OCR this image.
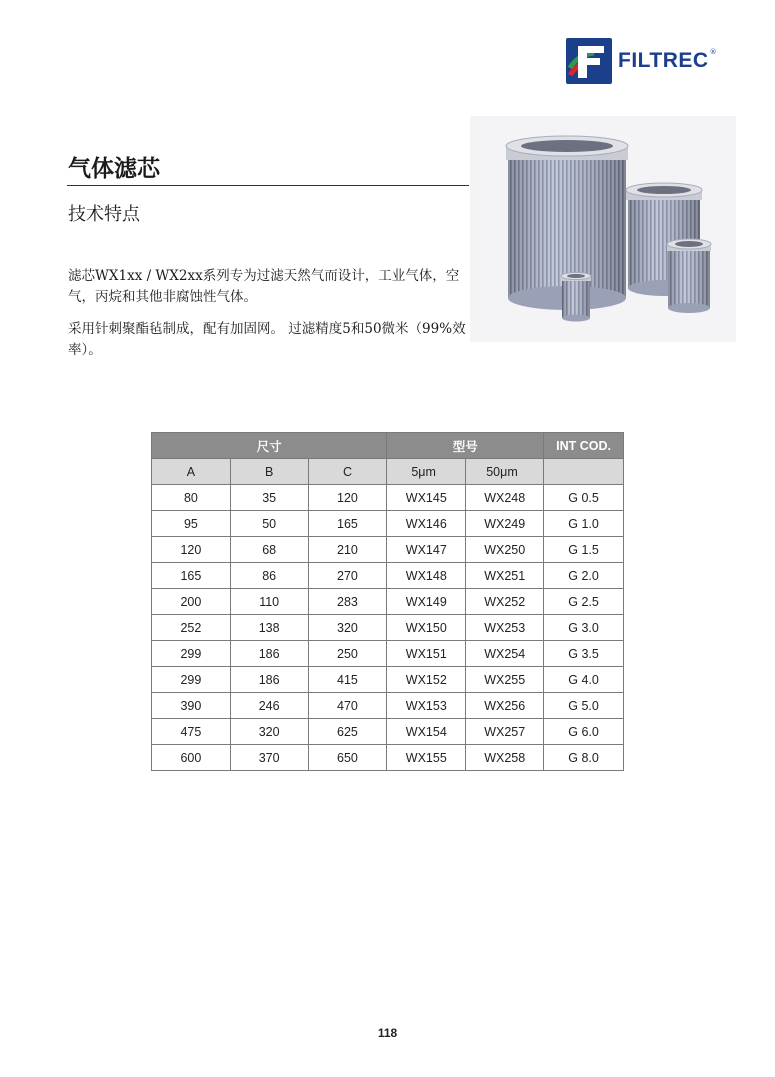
FILTREC ®
气体滤芯
技术特点
滤芯WX1xx / WX2xx系列专为过滤天然气而设计，工业气体，空气，丙烷和其他非腐蚀性气体。
采用针刺聚酯毡制成，配有加固网。 过滤精度5和50微米（99%效率）。
尺寸			型号		INT COD.
A	B	C	5μm	50μm	
80	35	120	WX145	WX248	G 0.5
95	50	165	WX146	WX249	G 1.0
120	68	210	WX147	WX250	G 1.5
165	86	270	WX148	WX251	G 2.0
200	110	283	WX149	WX252	G 2.5
252	138	320	WX150	WX253	G 3.0
299	186	250	WX151	WX254	G 3.5
299	186	415	WX152	WX255	G 4.0
390	246	470	WX153	WX256	G 5.0
475	320	625	WX154	WX257	G 6.0
600	370	650	WX155	WX258	G 8.0
118
